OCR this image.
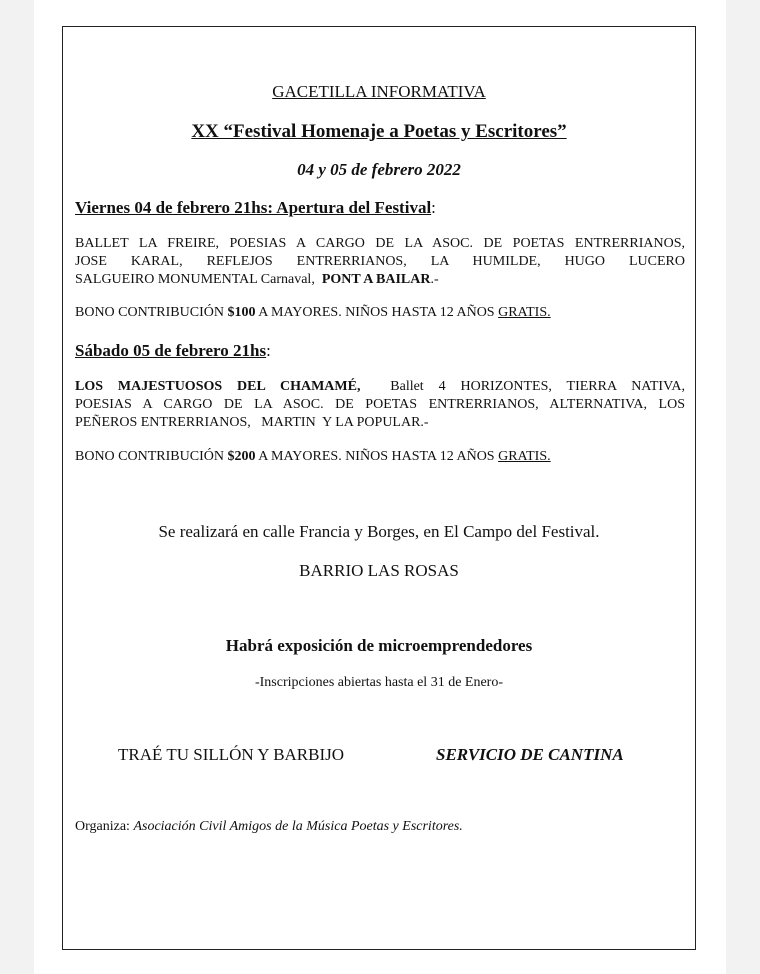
GACETILLA INFORMATIVA
XX “Festival Homenaje a Poetas y Escritores”
04 y 05 de febrero 2022
Viernes 04 de febrero 21hs: Apertura del Festival:
BALLET LA FREIRE, POESIAS A CARGO DE LA ASOC. DE POETAS ENTRERRIANOS,
JOSE KARAL, REFLEJOS ENTRERRIANOS, LA HUMILDE, HUGO LUCERO
SALGUEIRO MONUMENTAL Carnaval, PONT A BAILAR.-
BONO CONTRIBUCIÓN $100 A MAYORES. NIÑOS HASTA 12 AÑOS GRATIS.
Sábado 05 de febrero 21hs:
LOS MAJESTUOSOS DEL CHAMAMÉ, Ballet 4 HORIZONTES, TIERRA NATIVA,
POESIAS A CARGO DE LA ASOC. DE POETAS ENTRERRIANOS, ALTERNATIVA, LOS
PEÑEROS ENTRERRIANOS,   MARTIN  Y LA POPULAR.-
BONO CONTRIBUCIÓN $200 A MAYORES. NIÑOS HASTA 12 AÑOS GRATIS.
Se realizará en calle Francia y Borges, en El Campo del Festival.
BARRIO LAS ROSAS
Habrá exposición de microemprendedores
-Inscripciones abiertas hasta el 31 de Enero-
TRAÉ TU SILLÓN Y BARBIJO	SERVICIO DE CANTINA
Organiza: Asociación Civil Amigos de la Música Poetas y Escritores.
